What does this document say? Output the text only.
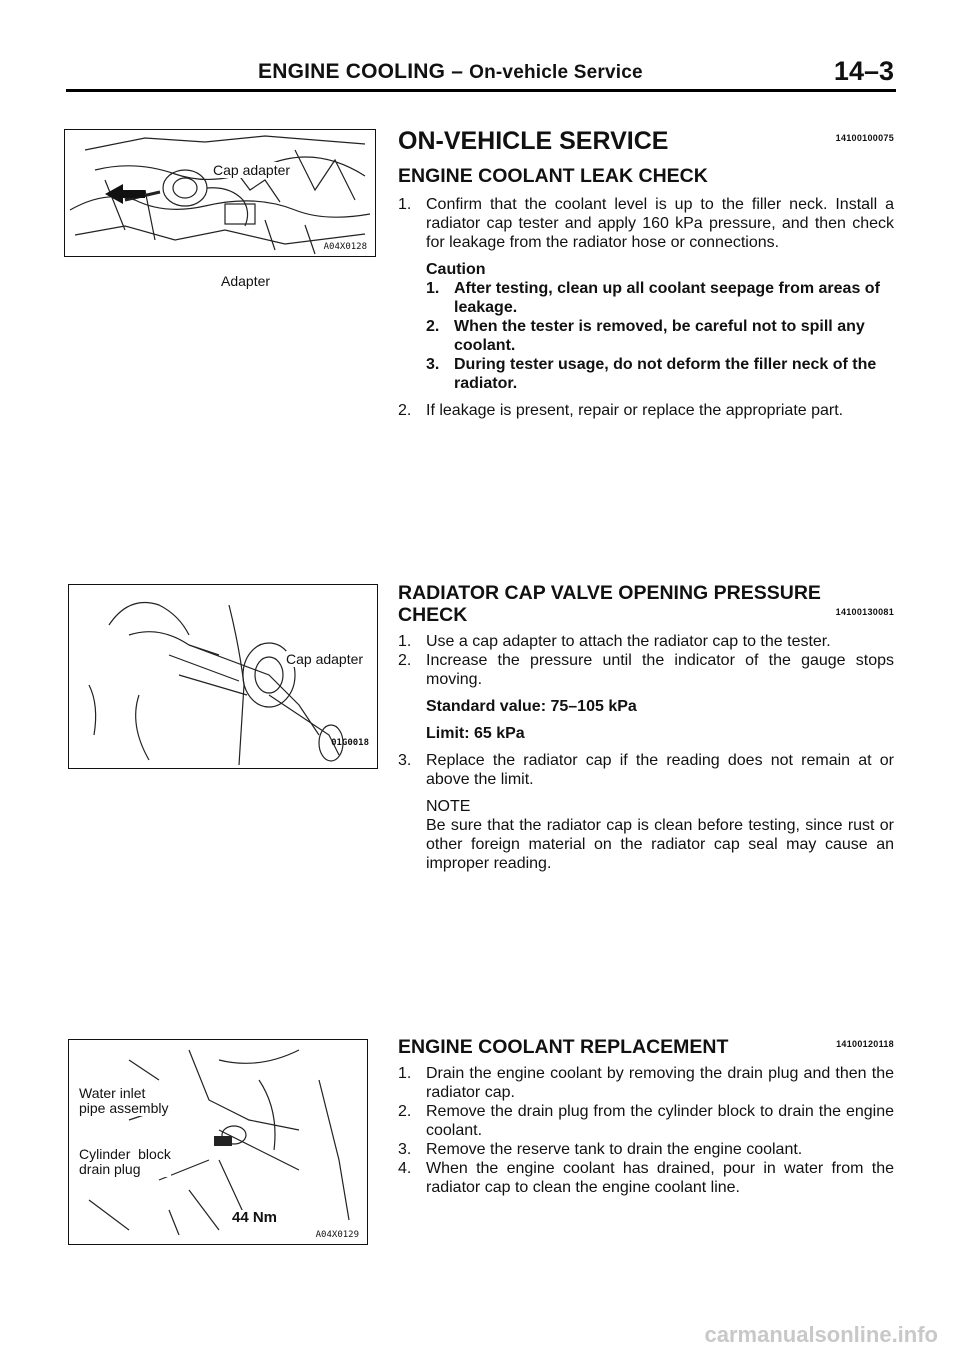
ENGINE COOLING – On-vehicle Service	14–3
Cap adapter
Adapter
A04X0128
Cap adapter
01G0018
Water inlet
pipe assembly
Cylinder  block
drain plug
44 Nm
A04X0129
ON-VEHICLE SERVICE	14100100075
ENGINE COOLANT LEAK CHECK

1. Confirm that the coolant level is up to the filler neck. Install a radiator cap tester and apply 160 kPa pressure, and then check for leakage from the radiator hose or connections.

Caution
1. After testing, clean up all coolant seepage from areas of leakage.
2. When the tester is removed, be careful not to spill any coolant.
3. During tester usage, do not deform the filler neck of the radiator.

2. If leakage is present, repair or replace the appropriate part.

RADIATOR CAP VALVE OPENING PRESSURE
CHECK	14100130081

1. Use a cap adapter to attach the radiator cap to the tester.

2. Increase the pressure until the indicator of the gauge stops moving.

Standard value: 75–105 kPa
Limit: 65 kPa

3. Replace the radiator cap if the reading does not remain at or above the limit.

NOTE
Be sure that the radiator cap is clean before testing, since rust or other foreign material on the radiator cap seal may cause an improper reading.
ENGINE COOLANT REPLACEMENT	14100120118

1. Drain the engine coolant by removing the drain plug and then the radiator cap.

2. Remove the drain plug from the cylinder block to drain the engine coolant.

3. Remove the reserve tank to drain the engine coolant.

4. When the engine coolant has drained, pour in water from the radiator cap to clean the engine coolant line.

carmanualsonline.info
